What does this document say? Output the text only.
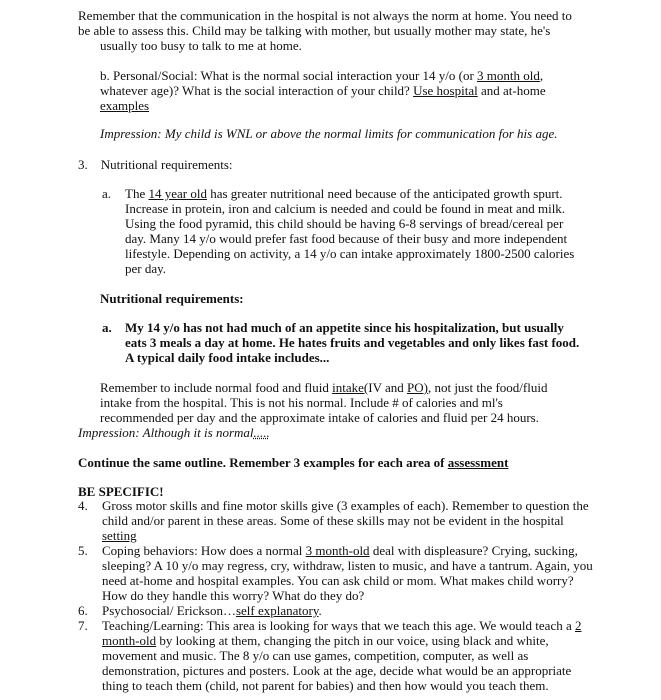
Remember that the communication in the hospital is not always the norm at home. You need to
be able to assess this. Child may be talking with mother, but usually mother may state, he's

usually too busy to talk to me at home.
b. Personal/Social: What is the normal social interaction your 14 y/o (or 3 month old, whatever age)? What is the social interaction of your child? Use hospital and at-home examples
Impression: My child is WNL or above the normal limits for communication for his age.
3. Nutritional requirements:
a. The 14 year old has greater nutritional need because of the anticipated growth spurt. Increase in protein, iron and calcium is needed and could be found in meat and milk. Using the food pyramid, this child should be having 6-8 servings of bread/cereal per day. Many 14 y/o would prefer fast food because of their busy and more independent lifestyle. Depending on activity, a 14 y/o can intake approximately 1800-2500 calories per day.
Nutritional requirements:
a. My 14 y/o has not had much of an appetite since his hospitalization, but usually eats 3 meals a day at home. He hates fruits and vegetables and only likes fast food. A typical daily food intake includes...
Remember to include normal food and fluid intake(IV and PO), not just the food/fluid intake from the hospital. This is not his normal. Include # of calories and ml's recommended per day and the approximate intake of calories and fluid per 24 hours.
Impression: Although it is normal.....
Continue the same outline. Remember 3 examples for each area of assessment
BE SPECIFIC!
4. Gross motor skills and fine motor skills give (3 examples of each). Remember to question the child and/or parent in these areas. Some of these skills may not be evident in the hospital setting
5. Coping behaviors: How does a normal 3 month-old deal with displeasure? Crying, sucking, sleeping? A 10 y/o may regress, cry, withdraw, listen to music, and have a tantrum. Again, you need at-home and hospital examples. You can ask child or mom. What makes child worry? How do they handle this worry? What do they do?
6. Psychosocial/ Erickson…self explanatory.
7. Teaching/Learning: This area is looking for ways that we teach this age. We would teach a 2 month-old by looking at them, changing the pitch in our voice, using black and white, movement and music. The 8 y/o can use games, competition, computer, as well as demonstration, pictures and posters. Look at the age, decide what would be an appropriate thing to teach them (child, not parent for babies) and then how would you teach them.
